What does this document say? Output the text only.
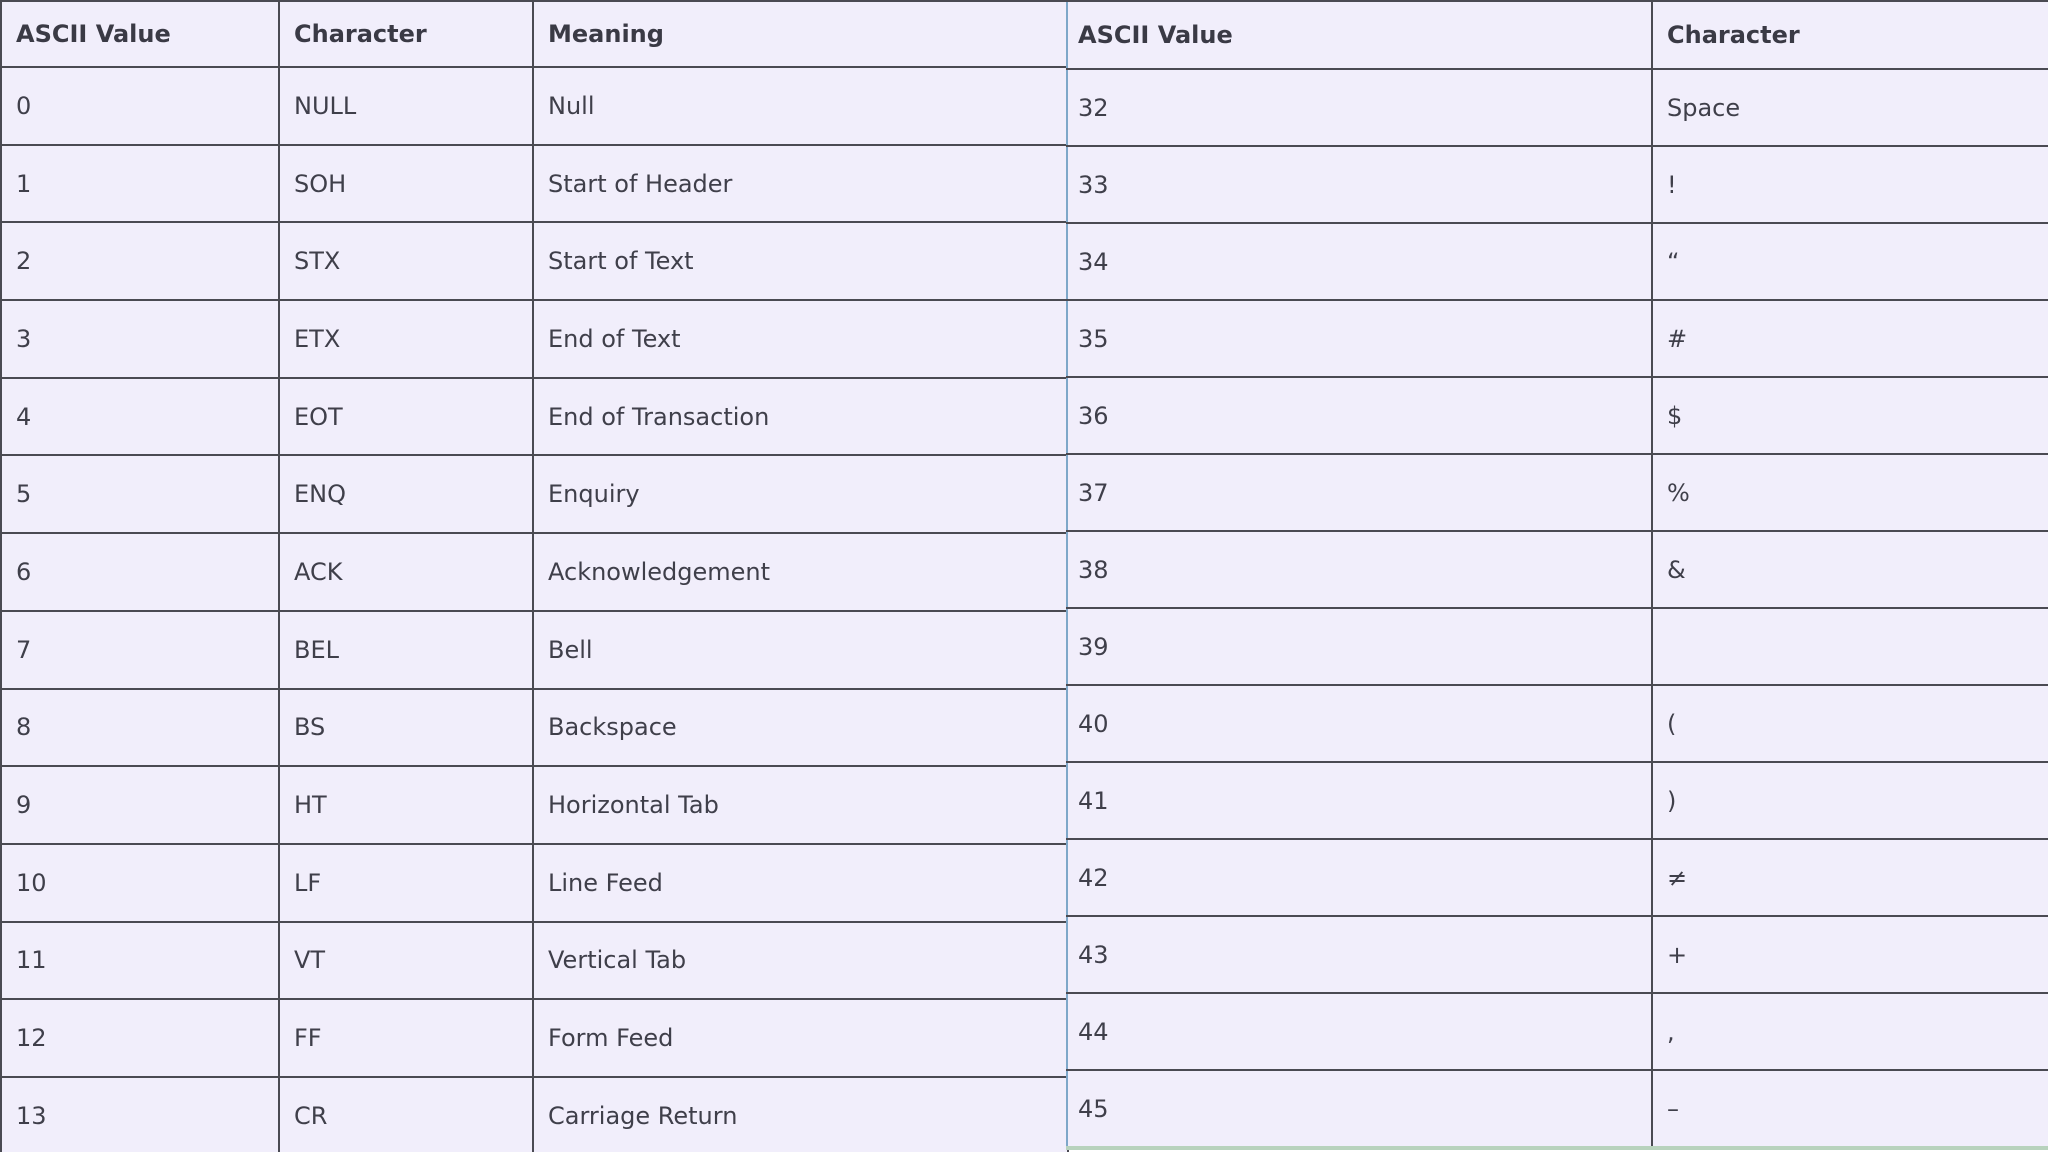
ASCII Value	Character	Meaning
0	NULL	Null
1	SOH	Start of Header
2	STX	Start of Text
3	ETX	End of Text
4	EOT	End of Transaction
5	ENQ	Enquiry
6	ACK	Acknowledgement
7	BEL	Bell
8	BS	Backspace
9	HT	Horizontal Tab
10	LF	Line Feed
11	VT	Vertical Tab
12	FF	Form Feed
13	CR	Carriage Return
ASCII Value	Character
32	Space
33	!
34	“
35	#
36	$
37	%
38	&
39	
40	(
41	)
42	≠
43	+
44	,
45	–
